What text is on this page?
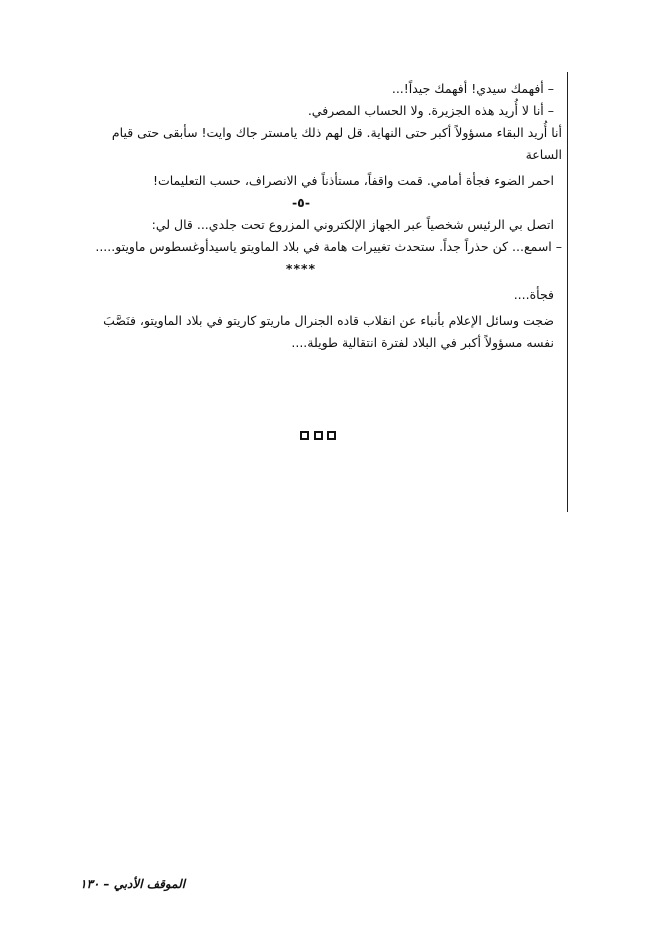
– أفهمك سيدي! أفهمك جيداً!...
– أنا لا أُريد هذه الجزيرة. ولا الحساب المصرفي.
أنا أُريد البقاء مسؤولاً أكبر حتى النهاية. قل لهم ذلك يامستر جاك وايت! سأبقى حتى قيام الساعة
احمر الضوء فجأة أمامي. قمت واقفاً، مستأذناً في الانصراف، حسب التعليمات!
-٥-
اتصل بي الرئيس شخصياً عبر الجهاز الإلكتروني المزروع تحت جلدي... قال لي:
– اسمع... كن حذراً جداً. ستحدث تغييرات هامة في بلاد الماويتو ياسيدأوغسطوس ماويتو.....
****
فجأة....
ضجت وسائل الإعلام بأنباء عن انقلاب قاده الجنرال ماريتو كاريتو في بلاد الماويتو، فنَصَّبَ نفسه مسؤولاً أكبر في البلاد لفترة انتقالية طويلة....
الموقف الأدبي – ١٣٠
